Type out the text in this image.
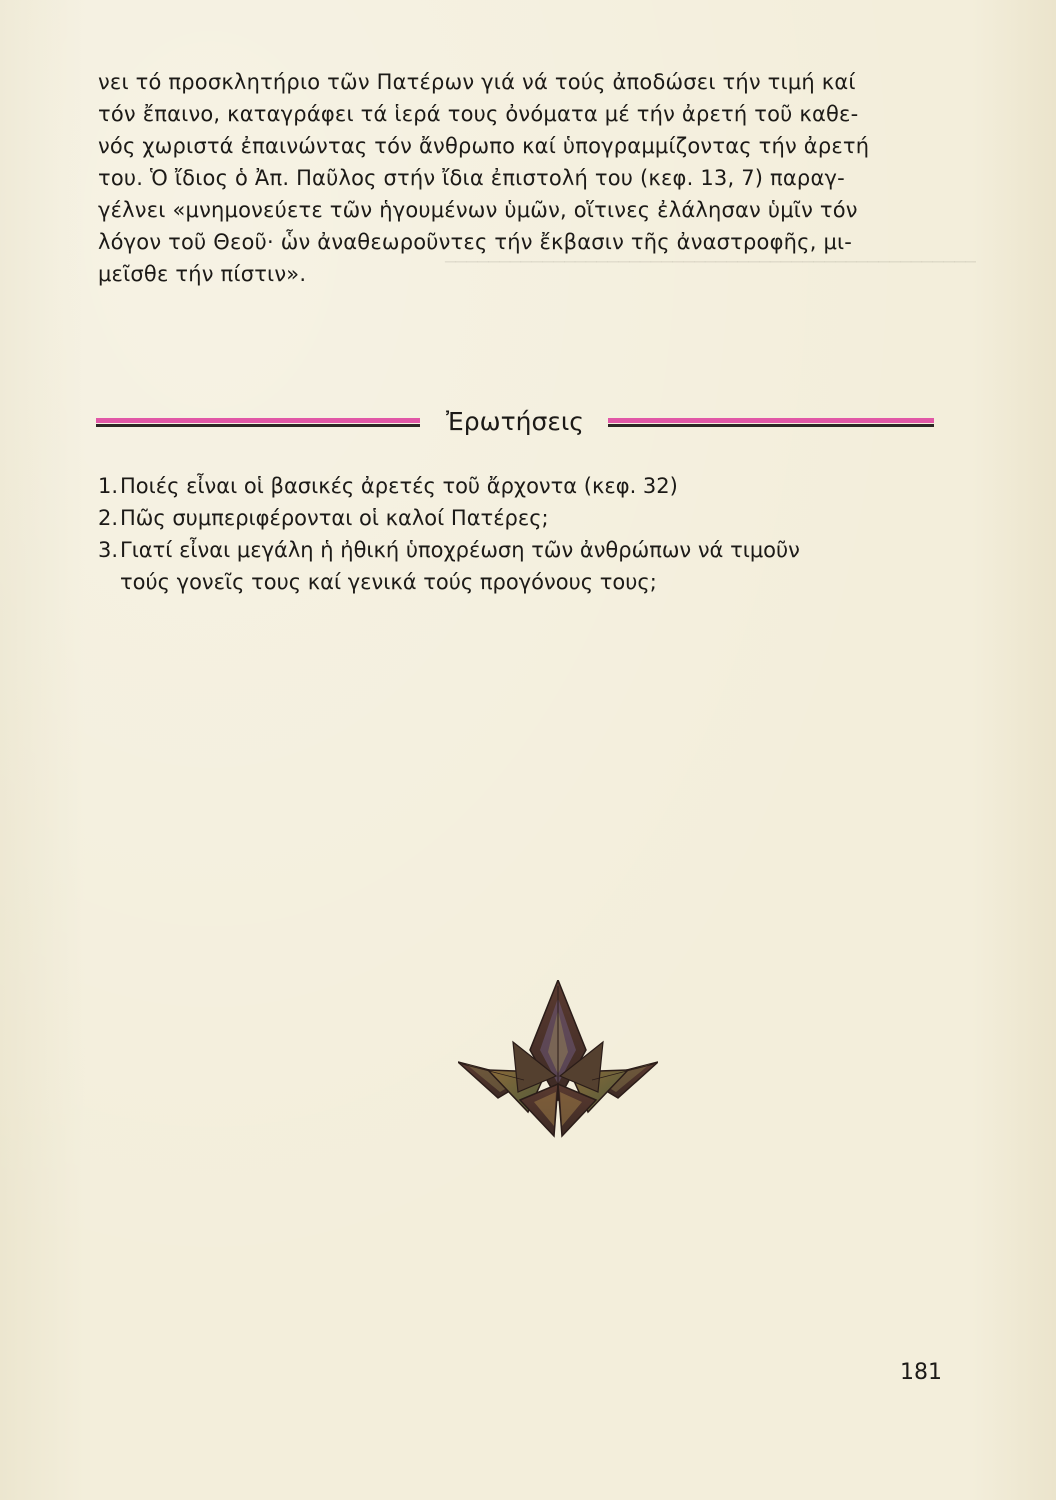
─────────────────────────────────────────────────
νει τό προσκλητήριο τῶν Πατέρων γιά νά τούς ἀποδώσει τήν τιμή καί
τόν ἔπαινο, καταγράφει τά ἱερά τους ὀνόματα μέ τήν ἀρετή τοῦ καθε-
νός χωριστά ἐπαινώντας τόν ἄνθρωπο καί ὑπογραμμίζοντας τήν ἀρετή
του. Ὁ ἴδιος ὁ Ἀπ. Παῦλος στήν ἴδια ἐπιστολή του (κεφ. 13, 7) παραγ-
γέλνει «μνημονεύετε τῶν ἡγουμένων ὑμῶν, οἵτινες ἐλάλησαν ὑμῖν τόν
λόγον τοῦ Θεοῦ· ὧν ἀναθεωροῦντες τήν ἔκβασιν τῆς ἀναστροφῆς, μι-
μεῖσθε τήν πίστιν».
Ἐρωτήσεις
1. Ποιές εἶναι οἱ βασικές ἀρετές τοῦ ἄρχοντα (κεφ. 32)
2. Πῶς συμπεριφέρονται οἱ καλοί Πατέρες;
3. Γιατί εἶναι μεγάλη ἡ ἠθική ὑποχρέωση τῶν ἀνθρώπων νά τιμοῦν
τούς γονεῖς τους καί γενικά τούς προγόνους τους;
181
